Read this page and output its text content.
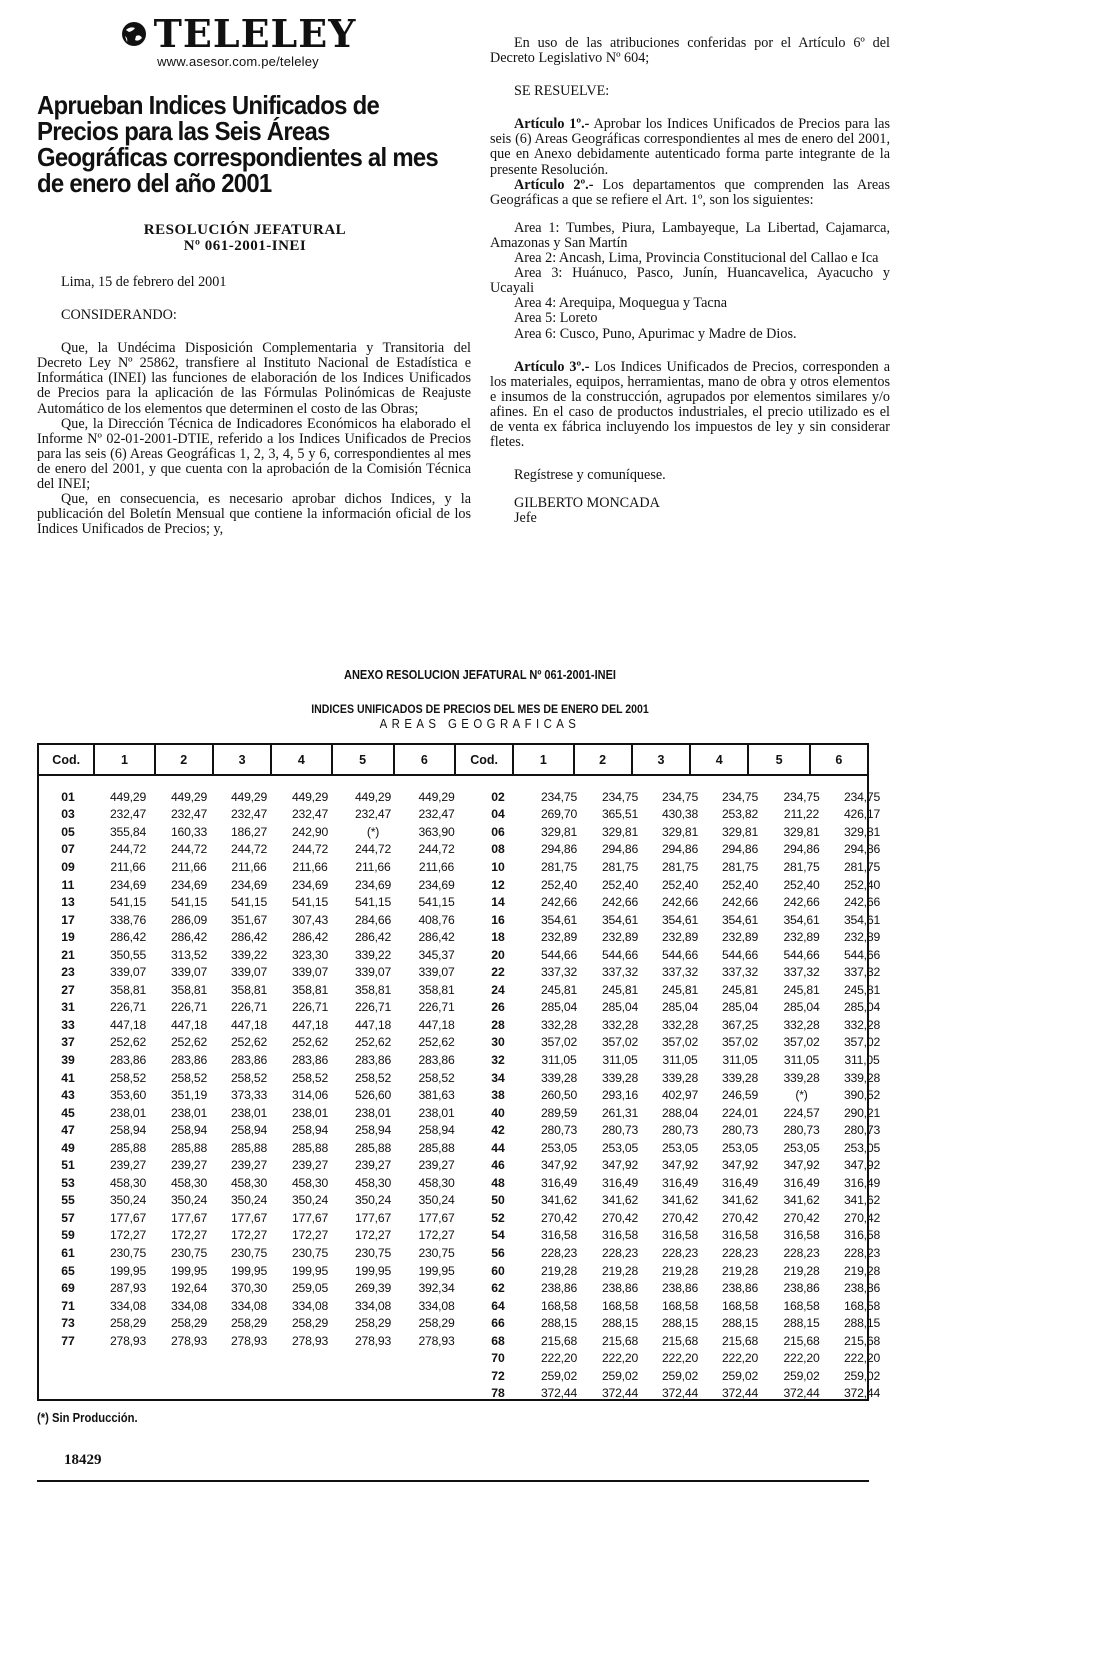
TELELEY
www.asesor.com.pe/teleley
Aprueban Indices Unificados de Precios para las Seis Áreas Geográficas correspondientes al mes de enero del año 2001
RESOLUCIÓN JEFATURAL
Nº 061-2001-INEI

Lima, 15 de febrero del 2001

CONSIDERANDO:

Que, la Undécima Disposición Complementaria y Transitoria del Decreto Ley Nº 25862, transfiere al Instituto Nacional de Estadística e Informática (INEI) las funciones de elaboración de los Indices Unificados de Precios para la aplicación de las Fórmulas Polinómicas de Reajuste Automático de los elementos que determinen el costo de las Obras;

Que, la Dirección Técnica de Indicadores Económicos ha elaborado el Informe Nº 02-01-2001-DTIE, referido a los Indices Unificados de Precios para las seis (6) Areas Geográficas 1, 2, 3, 4, 5 y 6, correspondientes al mes de enero del 2001, y que cuenta con la aprobación de la Comisión Técnica del INEI;

Que, en consecuencia, es necesario aprobar dichos Indices, y la publicación del Boletín Mensual que contiene la información oficial de los Indices Unificados de Precios; y,

En uso de las atribuciones conferidas por el Artículo 6º del Decreto Legislativo Nº 604;

SE RESUELVE:

Artículo 1º.- Aprobar los Indices Unificados de Precios para las seis (6) Areas Geográficas correspondientes al mes de enero del 2001, que en Anexo debidamente autenticado forma parte integrante de la presente Resolución.

Artículo 2º.- Los departamentos que comprenden las Areas Geográficas a que se refiere el Art. 1º, son los siguientes:

Area 1: Tumbes, Piura, Lambayeque, La Libertad, Cajamarca, Amazonas y San Martín

Area 2: Ancash, Lima, Provincia Constitucional del Callao e Ica

Area 3: Huánuco, Pasco, Junín, Huancavelica, Ayacucho y Ucayali

Area 4: Arequipa, Moquegua y Tacna

Area 5: Loreto

Area 6: Cusco, Puno, Apurimac y Madre de Dios.

Artículo 3º.- Los Indices Unificados de Precios, corresponden a los materiales, equipos, herramientas, mano de obra y otros elementos e insumos de la construcción, agrupados por elementos similares y/o afines. En el caso de productos industriales, el precio utilizado es el de venta ex fábrica incluyendo los impuestos de ley y sin considerar fletes.

Regístrese y comuníquese.

GILBERTO MONCADA

Jefe

ANEXO RESOLUCION JEFATURAL Nº 061-2001-INEI
INDICES UNIFICADOS DE PRECIOS DEL MES DE ENERO DEL 2001
AREAS GEOGRAFICAS
Cod.	1	2	3	4	5	6	Cod.	1	2	3	4	5	6
01	449,29	449,29	449,29	449,29	449,29	449,29
03	232,47	232,47	232,47	232,47	232,47	232,47
05	355,84	160,33	186,27	242,90	(*)	363,90
07	244,72	244,72	244,72	244,72	244,72	244,72
09	211,66	211,66	211,66	211,66	211,66	211,66
11	234,69	234,69	234,69	234,69	234,69	234,69
13	541,15	541,15	541,15	541,15	541,15	541,15
17	338,76	286,09	351,67	307,43	284,66	408,76
19	286,42	286,42	286,42	286,42	286,42	286,42
21	350,55	313,52	339,22	323,30	339,22	345,37
23	339,07	339,07	339,07	339,07	339,07	339,07
27	358,81	358,81	358,81	358,81	358,81	358,81
31	226,71	226,71	226,71	226,71	226,71	226,71
33	447,18	447,18	447,18	447,18	447,18	447,18
37	252,62	252,62	252,62	252,62	252,62	252,62
39	283,86	283,86	283,86	283,86	283,86	283,86
41	258,52	258,52	258,52	258,52	258,52	258,52
43	353,60	351,19	373,33	314,06	526,60	381,63
45	238,01	238,01	238,01	238,01	238,01	238,01
47	258,94	258,94	258,94	258,94	258,94	258,94
49	285,88	285,88	285,88	285,88	285,88	285,88
51	239,27	239,27	239,27	239,27	239,27	239,27
53	458,30	458,30	458,30	458,30	458,30	458,30
55	350,24	350,24	350,24	350,24	350,24	350,24
57	177,67	177,67	177,67	177,67	177,67	177,67
59	172,27	172,27	172,27	172,27	172,27	172,27
61	230,75	230,75	230,75	230,75	230,75	230,75
65	199,95	199,95	199,95	199,95	199,95	199,95
69	287,93	192,64	370,30	259,05	269,39	392,34
71	334,08	334,08	334,08	334,08	334,08	334,08
73	258,29	258,29	258,29	258,29	258,29	258,29
77	278,93	278,93	278,93	278,93	278,93	278,93
02	234,75	234,75	234,75	234,75	234,75	234,75
04	269,70	365,51	430,38	253,82	211,22	426,17
06	329,81	329,81	329,81	329,81	329,81	329,81
08	294,86	294,86	294,86	294,86	294,86	294,86
10	281,75	281,75	281,75	281,75	281,75	281,75
12	252,40	252,40	252,40	252,40	252,40	252,40
14	242,66	242,66	242,66	242,66	242,66	242,66
16	354,61	354,61	354,61	354,61	354,61	354,61
18	232,89	232,89	232,89	232,89	232,89	232,89
20	544,66	544,66	544,66	544,66	544,66	544,66
22	337,32	337,32	337,32	337,32	337,32	337,32
24	245,81	245,81	245,81	245,81	245,81	245,81
26	285,04	285,04	285,04	285,04	285,04	285,04
28	332,28	332,28	332,28	367,25	332,28	332,28
30	357,02	357,02	357,02	357,02	357,02	357,02
32	311,05	311,05	311,05	311,05	311,05	311,05
34	339,28	339,28	339,28	339,28	339,28	339,28
38	260,50	293,16	402,97	246,59	(*)	390,52
40	289,59	261,31	288,04	224,01	224,57	290,21
42	280,73	280,73	280,73	280,73	280,73	280,73
44	253,05	253,05	253,05	253,05	253,05	253,05
46	347,92	347,92	347,92	347,92	347,92	347,92
48	316,49	316,49	316,49	316,49	316,49	316,49
50	341,62	341,62	341,62	341,62	341,62	341,62
52	270,42	270,42	270,42	270,42	270,42	270,42
54	316,58	316,58	316,58	316,58	316,58	316,58
56	228,23	228,23	228,23	228,23	228,23	228,23
60	219,28	219,28	219,28	219,28	219,28	219,28
62	238,86	238,86	238,86	238,86	238,86	238,86
64	168,58	168,58	168,58	168,58	168,58	168,58
66	288,15	288,15	288,15	288,15	288,15	288,15
68	215,68	215,68	215,68	215,68	215,68	215,68
70	222,20	222,20	222,20	222,20	222,20	222,20
72	259,02	259,02	259,02	259,02	259,02	259,02
78	372,44	372,44	372,44	372,44	372,44	372,44
(*) Sin Producción.
18429
